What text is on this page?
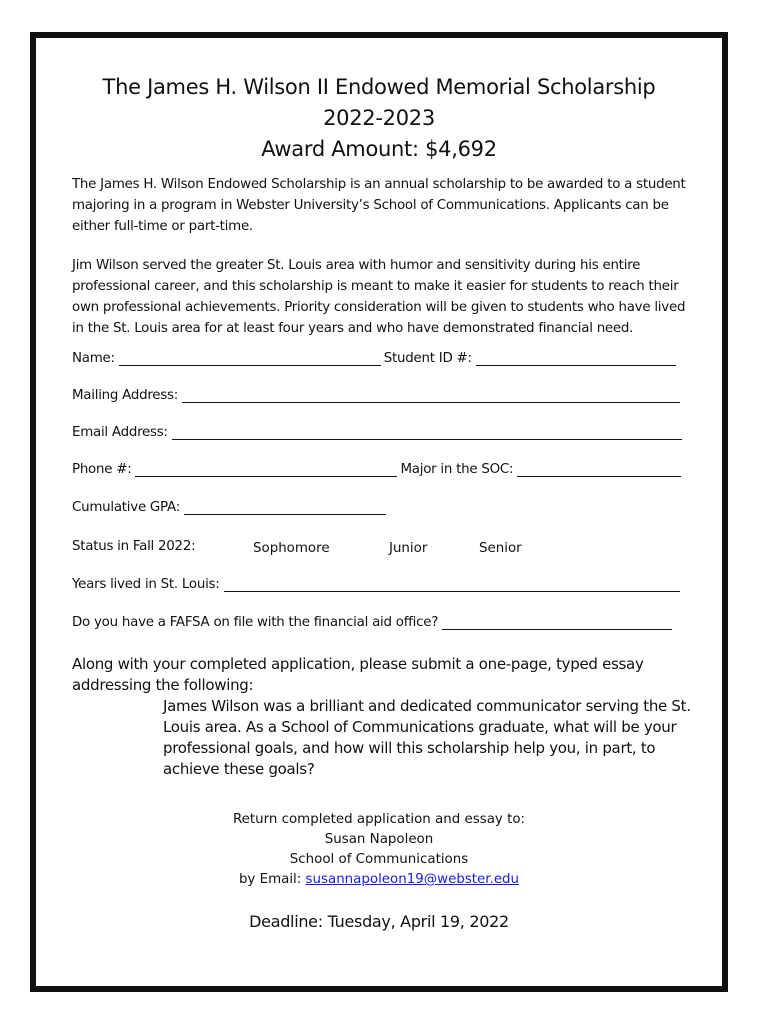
The James H. Wilson II Endowed Memorial Scholarship

2022-2023

Award Amount: $4,692

The James H. Wilson Endowed Scholarship is an annual scholarship to be awarded to a student majoring in a program in Webster University’s School of Communications. Applicants can be either full-time or part-time.

Jim Wilson served the greater St. Louis area with humor and sensitivity during his entire professional career, and this scholarship is meant to make it easier for students to reach their own professional achievements. Priority consideration will be given to students who have lived in the St. Louis area for at least four years and who have demonstrated financial need.

Name:	Student ID #:
Mailing Address:
Email Address:
Phone #:	Major in the SOC:
Cumulative GPA:
Status in Fall 2022:	Sophomore	Junior	Senior
Years lived in St. Louis:
Do you have a FAFSA on file with the financial aid office?

Along with your completed application, please submit a one-page, typed essay addressing the following:

James Wilson was a brilliant and dedicated communicator serving the St. Louis area. As a School of Communications graduate, what will be your professional goals, and how will this scholarship help you, in part, to achieve these goals?

Return completed application and essay to:
Susan Napoleon
School of Communications
by Email: susannapoleon19@webster.edu
Deadline: Tuesday, April 19, 2022
